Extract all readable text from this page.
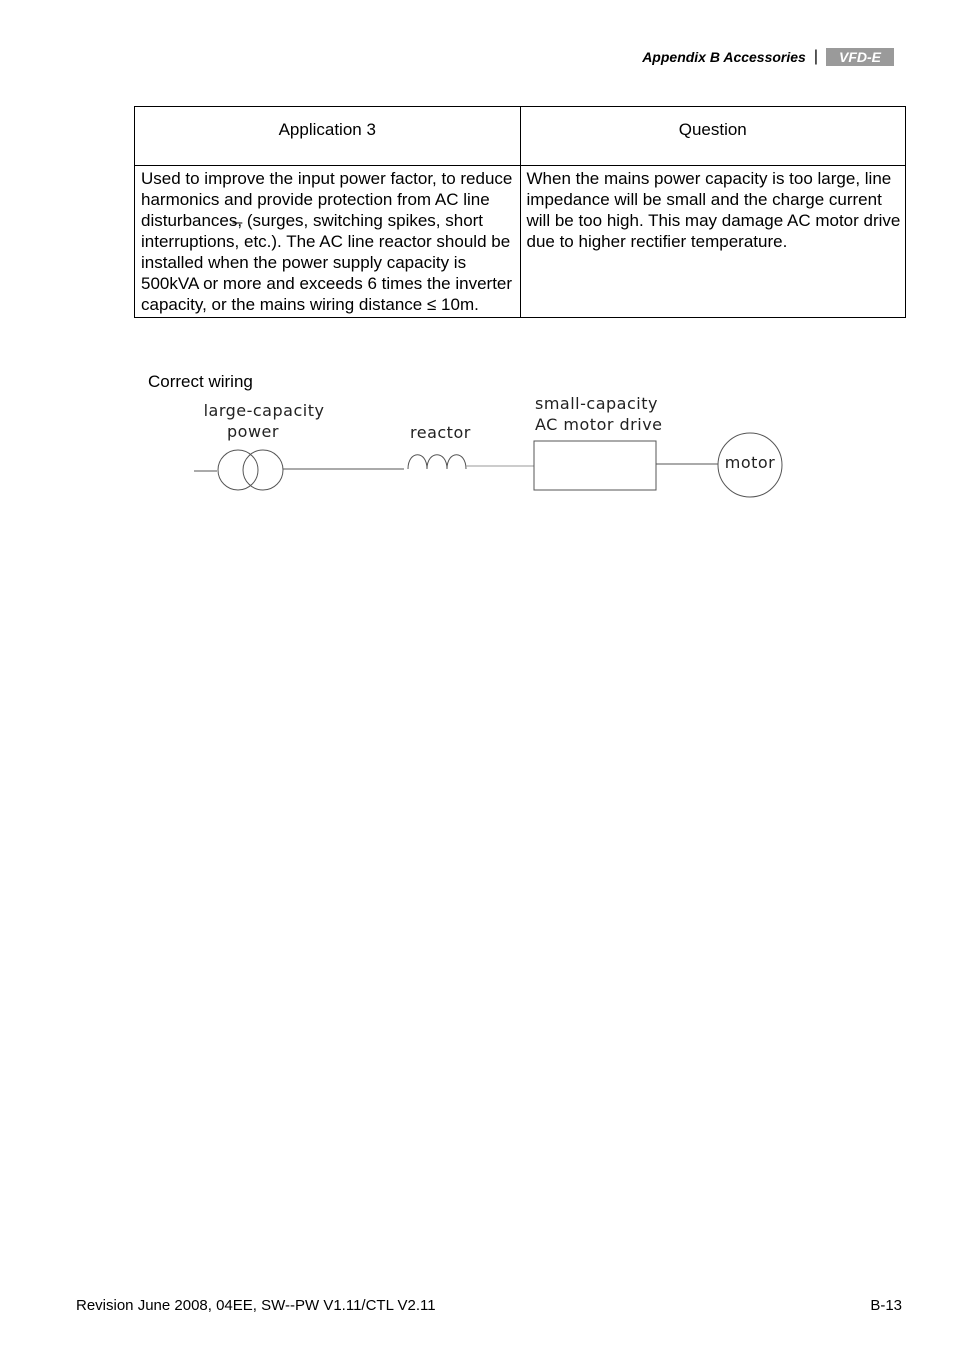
Appendix B Accessories | VFD-E
Application 3	Question
Used to improve the input power factor, to reduce harmonics and provide protection from AC line disturbances̶, (surges, switching spikes, short interruptions, etc.). The AC line reactor should be installed when the power supply capacity is 500kVA or more and exceeds 6 times the inverter capacity, or the mains wiring distance ≤ 10m.	When the mains power capacity is too large, line impedance will be small and the charge current will be too high. This may damage AC motor drive due to higher rectifier temperature.
Correct wiring
large-capacity
power	reactor
small-capacity
AC motor drive
motor
Revision June 2008, 04EE, SW--PW V1.11/CTL V2.11	B-13
